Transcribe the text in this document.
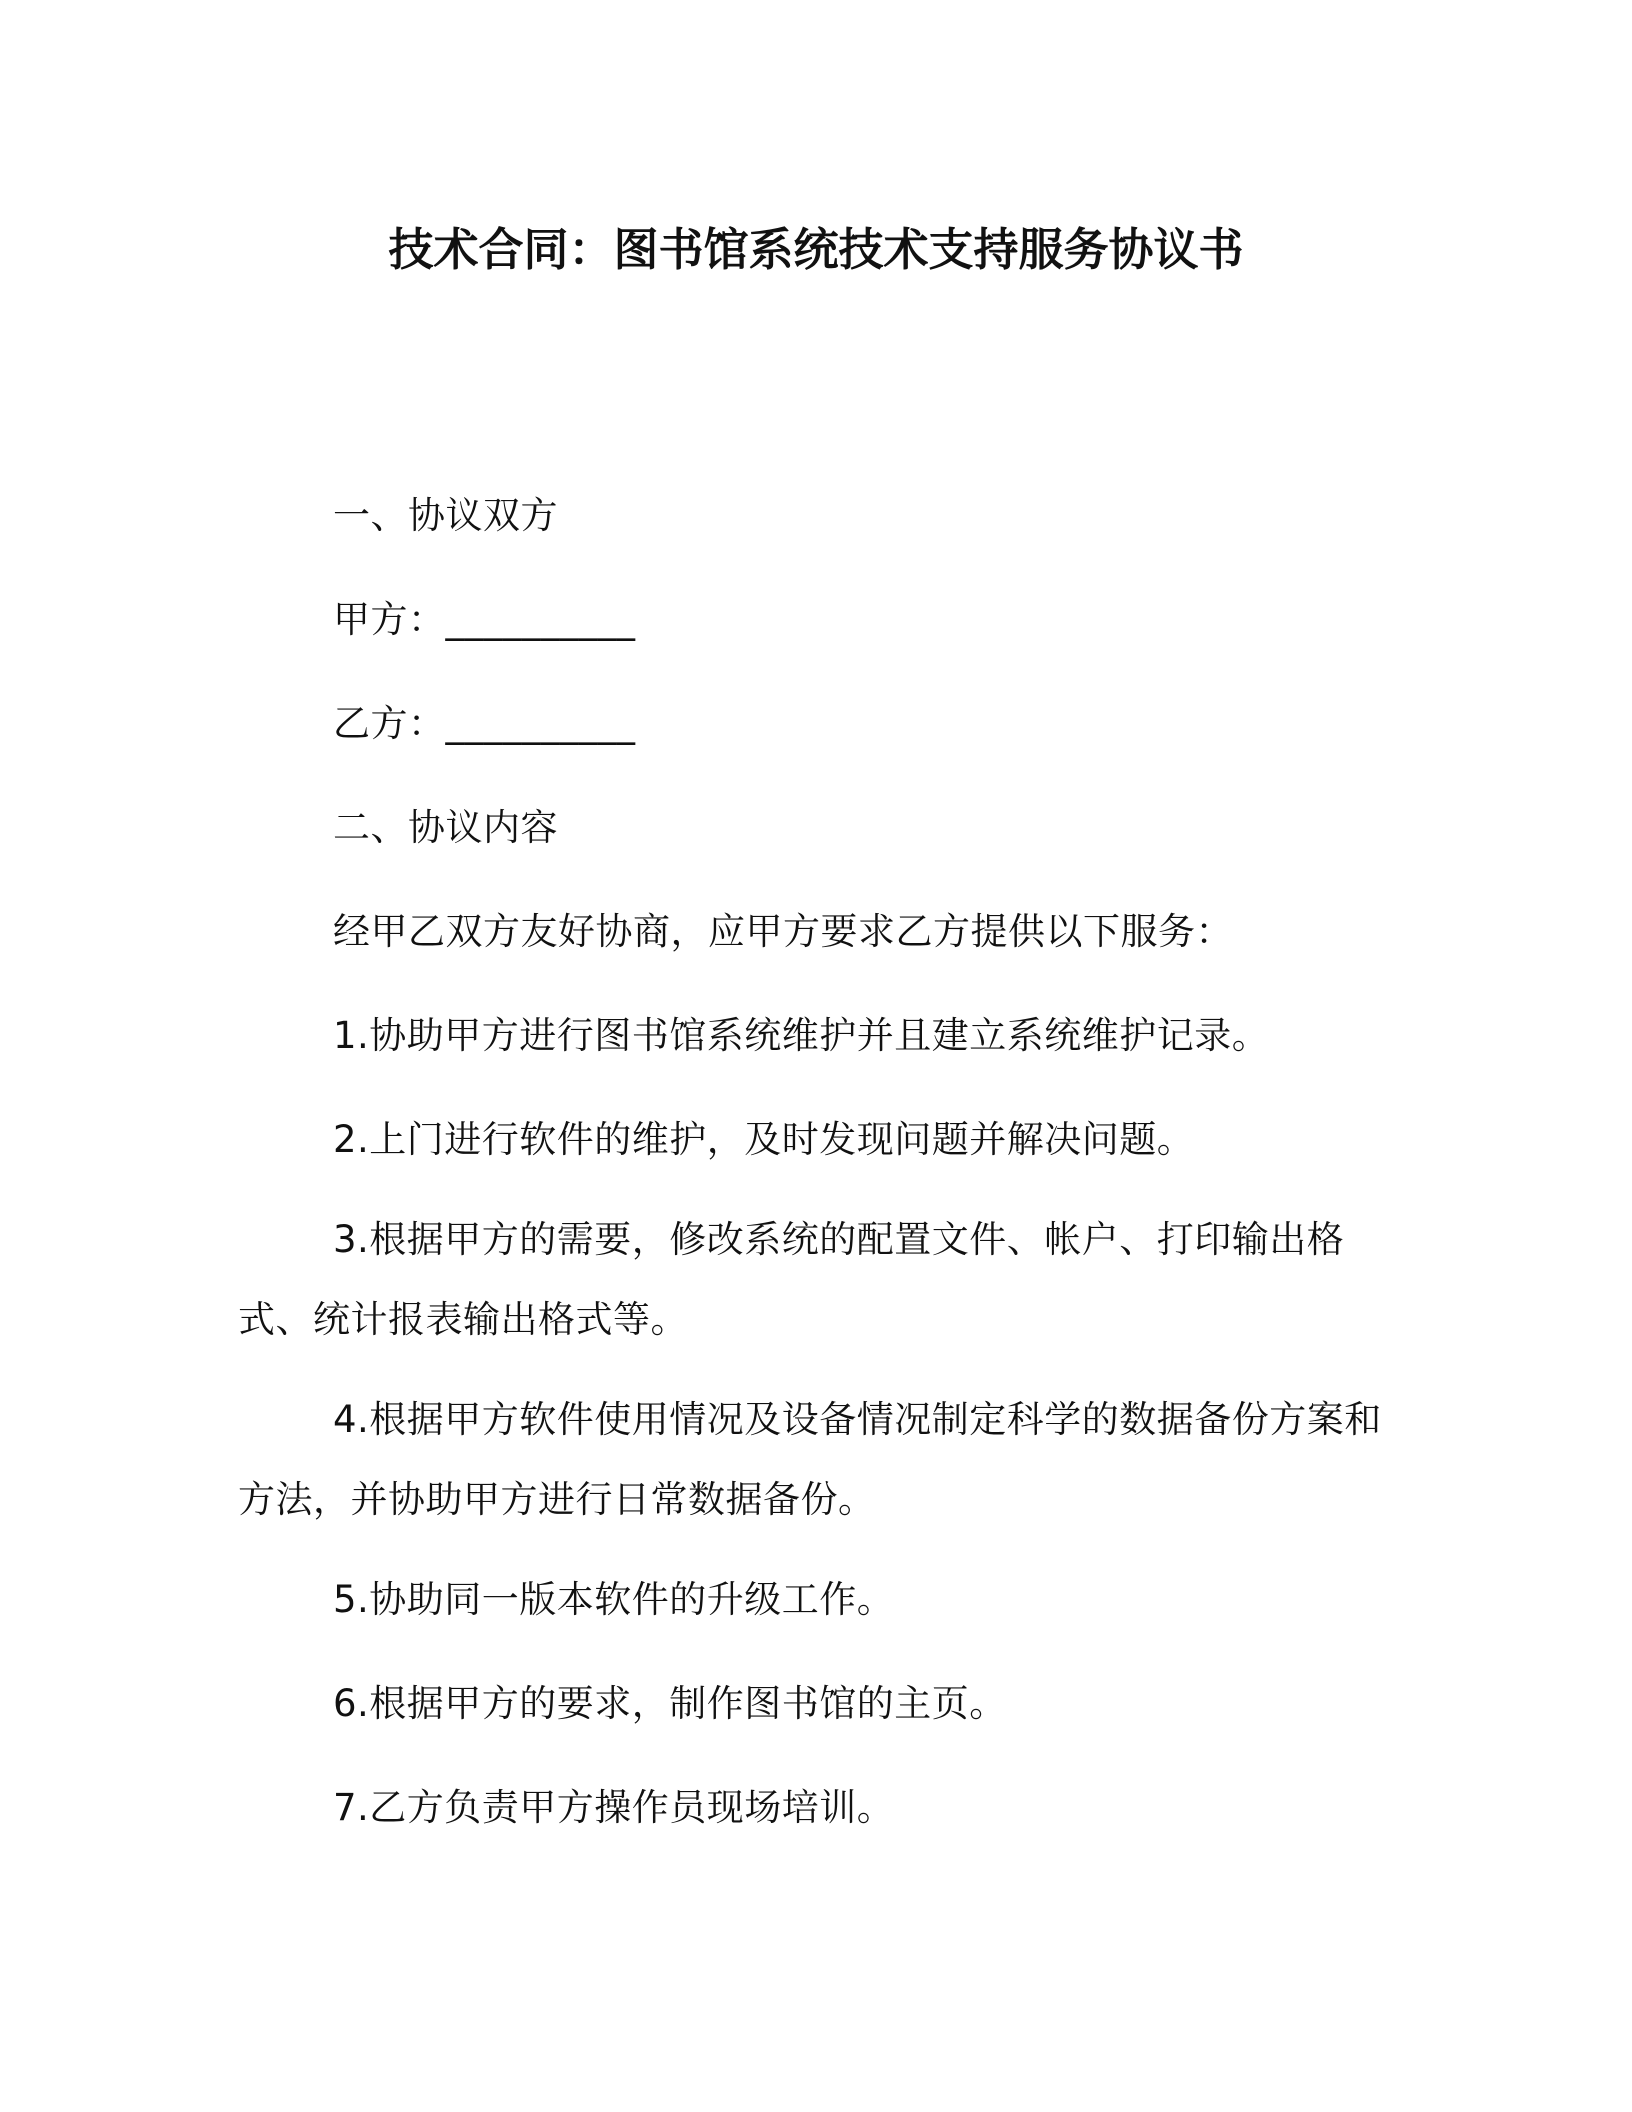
技术合同：图书馆系统技术支持服务协议书
一、协议双方
甲方：__________
乙方：__________
二、协议内容
经甲乙双方友好协商，应甲方要求乙方提供以下服务：
1.协助甲方进行图书馆系统维护并且建立系统维护记录。
2.上门进行软件的维护，及时发现问题并解决问题。
3.根据甲方的需要，修改系统的配置文件、帐户、打印输出格式、统计报表输出格式等。
4.根据甲方软件使用情况及设备情况制定科学的数据备份方案和方法，并协助甲方进行日常数据备份。
5.协助同一版本软件的升级工作。
6.根据甲方的要求，制作图书馆的主页。
7.乙方负责甲方操作员现场培训。
